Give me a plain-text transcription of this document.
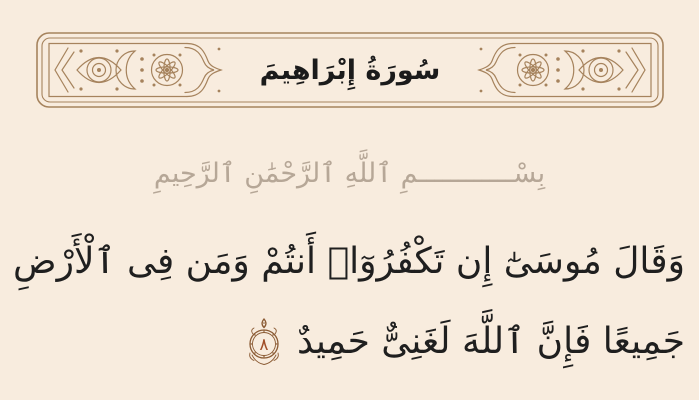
سُورَةُ إِبْرَاهِيمَ
بِسْــــــــــــمِ ٱللَّهِ ٱلرَّحْمَٰنِ ٱلرَّحِيمِ
وَقَالَ مُوسَىٰٓ إِن تَكْفُرُوٓا۟ أَنتُمْ وَمَن فِى ٱلْأَرْضِ
جَمِيعًا فَإِنَّ ٱللَّهَ لَغَنِىٌّ حَمِيدٌ
٨
